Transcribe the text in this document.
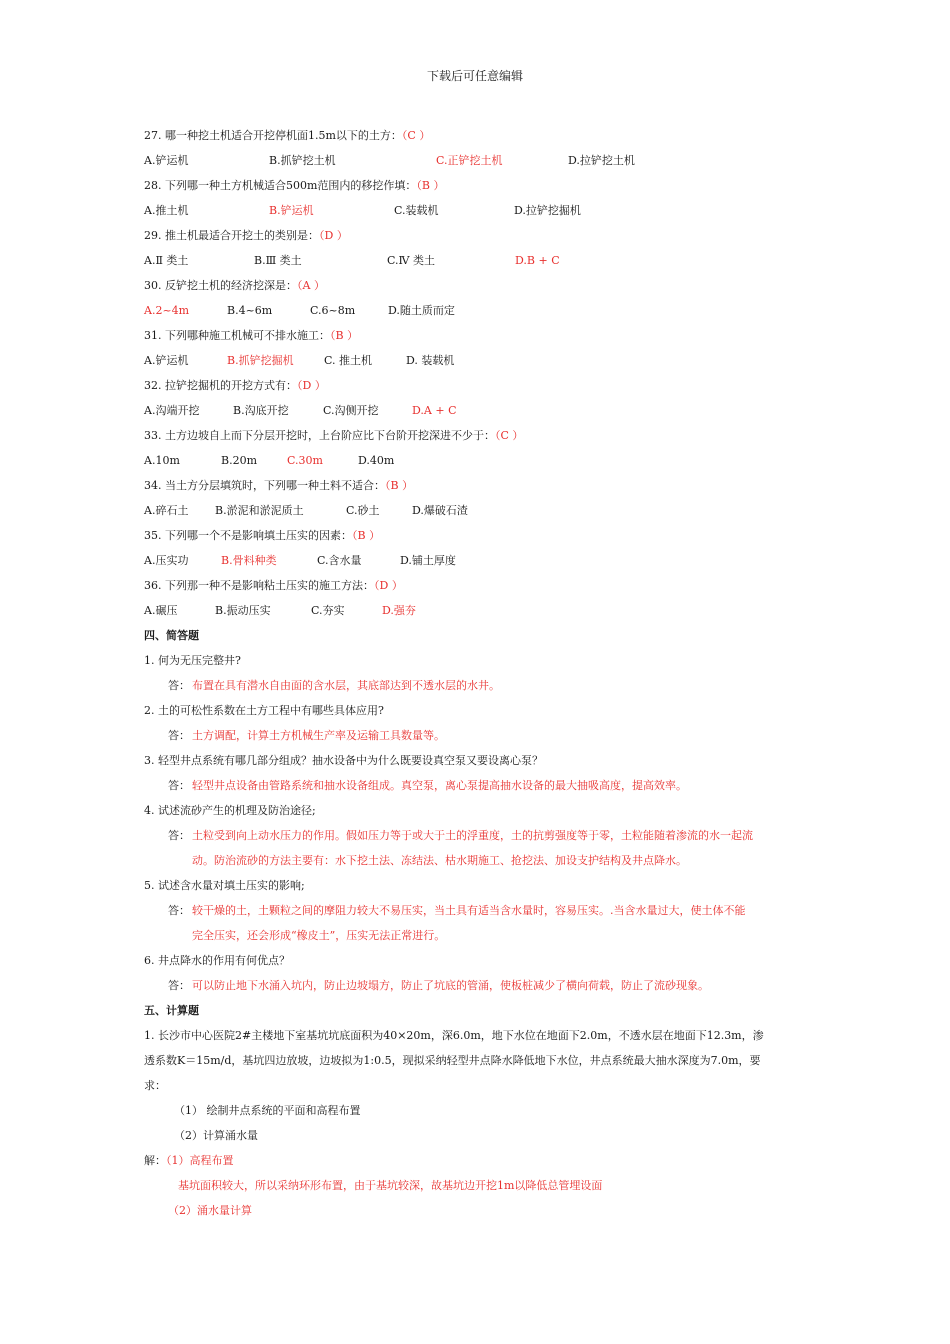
下载后可任意编辑
27. 哪一种挖土机适合开挖停机面1.5m以下的土方：（C ）
A.铲运机	B.抓铲挖土机	C.正铲挖土机	D.拉铲挖土机
28. 下列哪一种土方机械适合500m范围内的移挖作填：（B ）
A.推土机	B.铲运机	C.装载机	D.拉铲挖掘机
29. 推土机最适合开挖土的类别是：（D ）
A.Ⅱ 类土	B.Ⅲ 类土	C.Ⅳ 类土	D.B + C
30. 反铲挖土机的经济挖深是：（A ）
A.2~4m	B.4~6m	C.6~8m	D.随土质而定
31. 下列哪种施工机械可不排水施工：（B ）
A.铲运机	B.抓铲挖掘机	C. 推土机	D. 装载机
32. 拉铲挖掘机的开挖方式有：（D ）
A.沟端开挖	B.沟底开挖	C.沟侧开挖	D.A + C
33. 土方边坡自上而下分层开挖时，上台阶应比下台阶开挖深进不少于：（C ）
A.10m	B.20m	C.30m	D.40m
34. 当土方分层填筑时，下列哪一种土料不适合：（B ）
A.碎石土 B.淤泥和淤泥质土	C.砂土	D.爆破石渣
35. 下列哪一个不是影响填土压实的因素：（B ）
A.压实功	B.骨料种类	C.含水量	D.铺土厚度
36. 下列那一种不是影响粘土压实的施工方法：（D ）
A.碾压	B.振动压实	C.夯实	D.强夯
四、简答题
1. 何为无压完整井?
答： 布置在具有潜水自由面的含水层，其底部达到不透水层的水井。
2. 土的可松性系数在土方工程中有哪些具体应用?
答： 土方调配，计算土方机械生产率及运输工具数量等。
3. 轻型井点系统有哪几部分组成？抽水设备中为什么既要设真空泵又要设离心泵？
答： 轻型井点设备由管路系统和抽水设备组成。真空泵，离心泵提高抽水设备的最大抽吸高度，提高效率。
4. 试述流砂产生的机理及防治途径;
答： 土粒受到向上动水压力的作用。假如压力等于或大于土的浮重度，土的抗剪强度等于零，土粒能随着渗流的水一起流
动。防治流砂的方法主要有：水下挖土法、冻结法、枯水期施工、抢挖法、加设支护结构及井点降水。
5. 试述含水量对填土压实的影响;
答： 较干燥的土，土颗粒之间的摩阻力较大不易压实，当土具有适当含水量时，容易压实。.当含水量过大，使土体不能
完全压实，还会形成“橡皮土”，压实无法正常进行。
6. 井点降水的作用有何优点？
答： 可以防止地下水涌入坑内，防止边坡塌方，防止了坑底的管涌，使板桩减少了横向荷载，防止了流砂现象。
五、计算题
1. 长沙市中心医院2#主楼地下室基坑坑底面积为40×20m，深6.0m，地下水位在地面下2.0m，不透水层在地面下12.3m，渗
透系数K＝15m/d，基坑四边放坡，边坡拟为1:0.5，现拟采纳轻型井点降水降低地下水位，井点系统最大抽水深度为7.0m，要
求：
（1） 绘制井点系统的平面和高程布置
（2）计算涌水量
解：（1）高程布置
基坑面积较大，所以采纳环形布置，由于基坑较深，故基坑边开挖1m以降低总管埋设面
（2）涌水量计算
